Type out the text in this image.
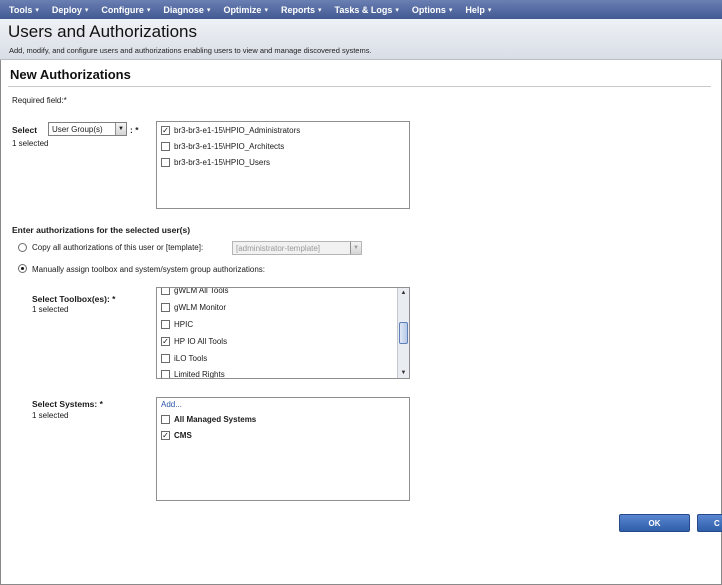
Tools ▾ Deploy ▾ Configure ▾ Diagnose ▾ Optimize ▾ Reports ▾ Tasks & Logs ▾ Options ▾ Help ▾
Users and Authorizations
Add, modify, and configure users and authorizations enabling users to view and manage discovered systems.
New Authorizations
Required field:*
Select User Group(s)	▼ : *
1 selected
✓ br3-br3-e1-15\HPIO_Administrators
br3-br3-e1-15\HPIO_Architects
br3-br3-e1-15\HPIO_Users
Enter authorizations for the selected user(s)
Copy all authorizations of this user or [template]:	[administrator-template]	▼
Manually assign toolbox and system/system group authorizations:
Select Toolbox(es): *
1 selected
gWLM All Tools
gWLM Monitor
HPIC
✓ HP IO All Tools
iLO Tools
Limited Rights
▲
▼
Select Systems: *
1 selected
Add...
All Managed Systems
✓ CMS
OK	C
